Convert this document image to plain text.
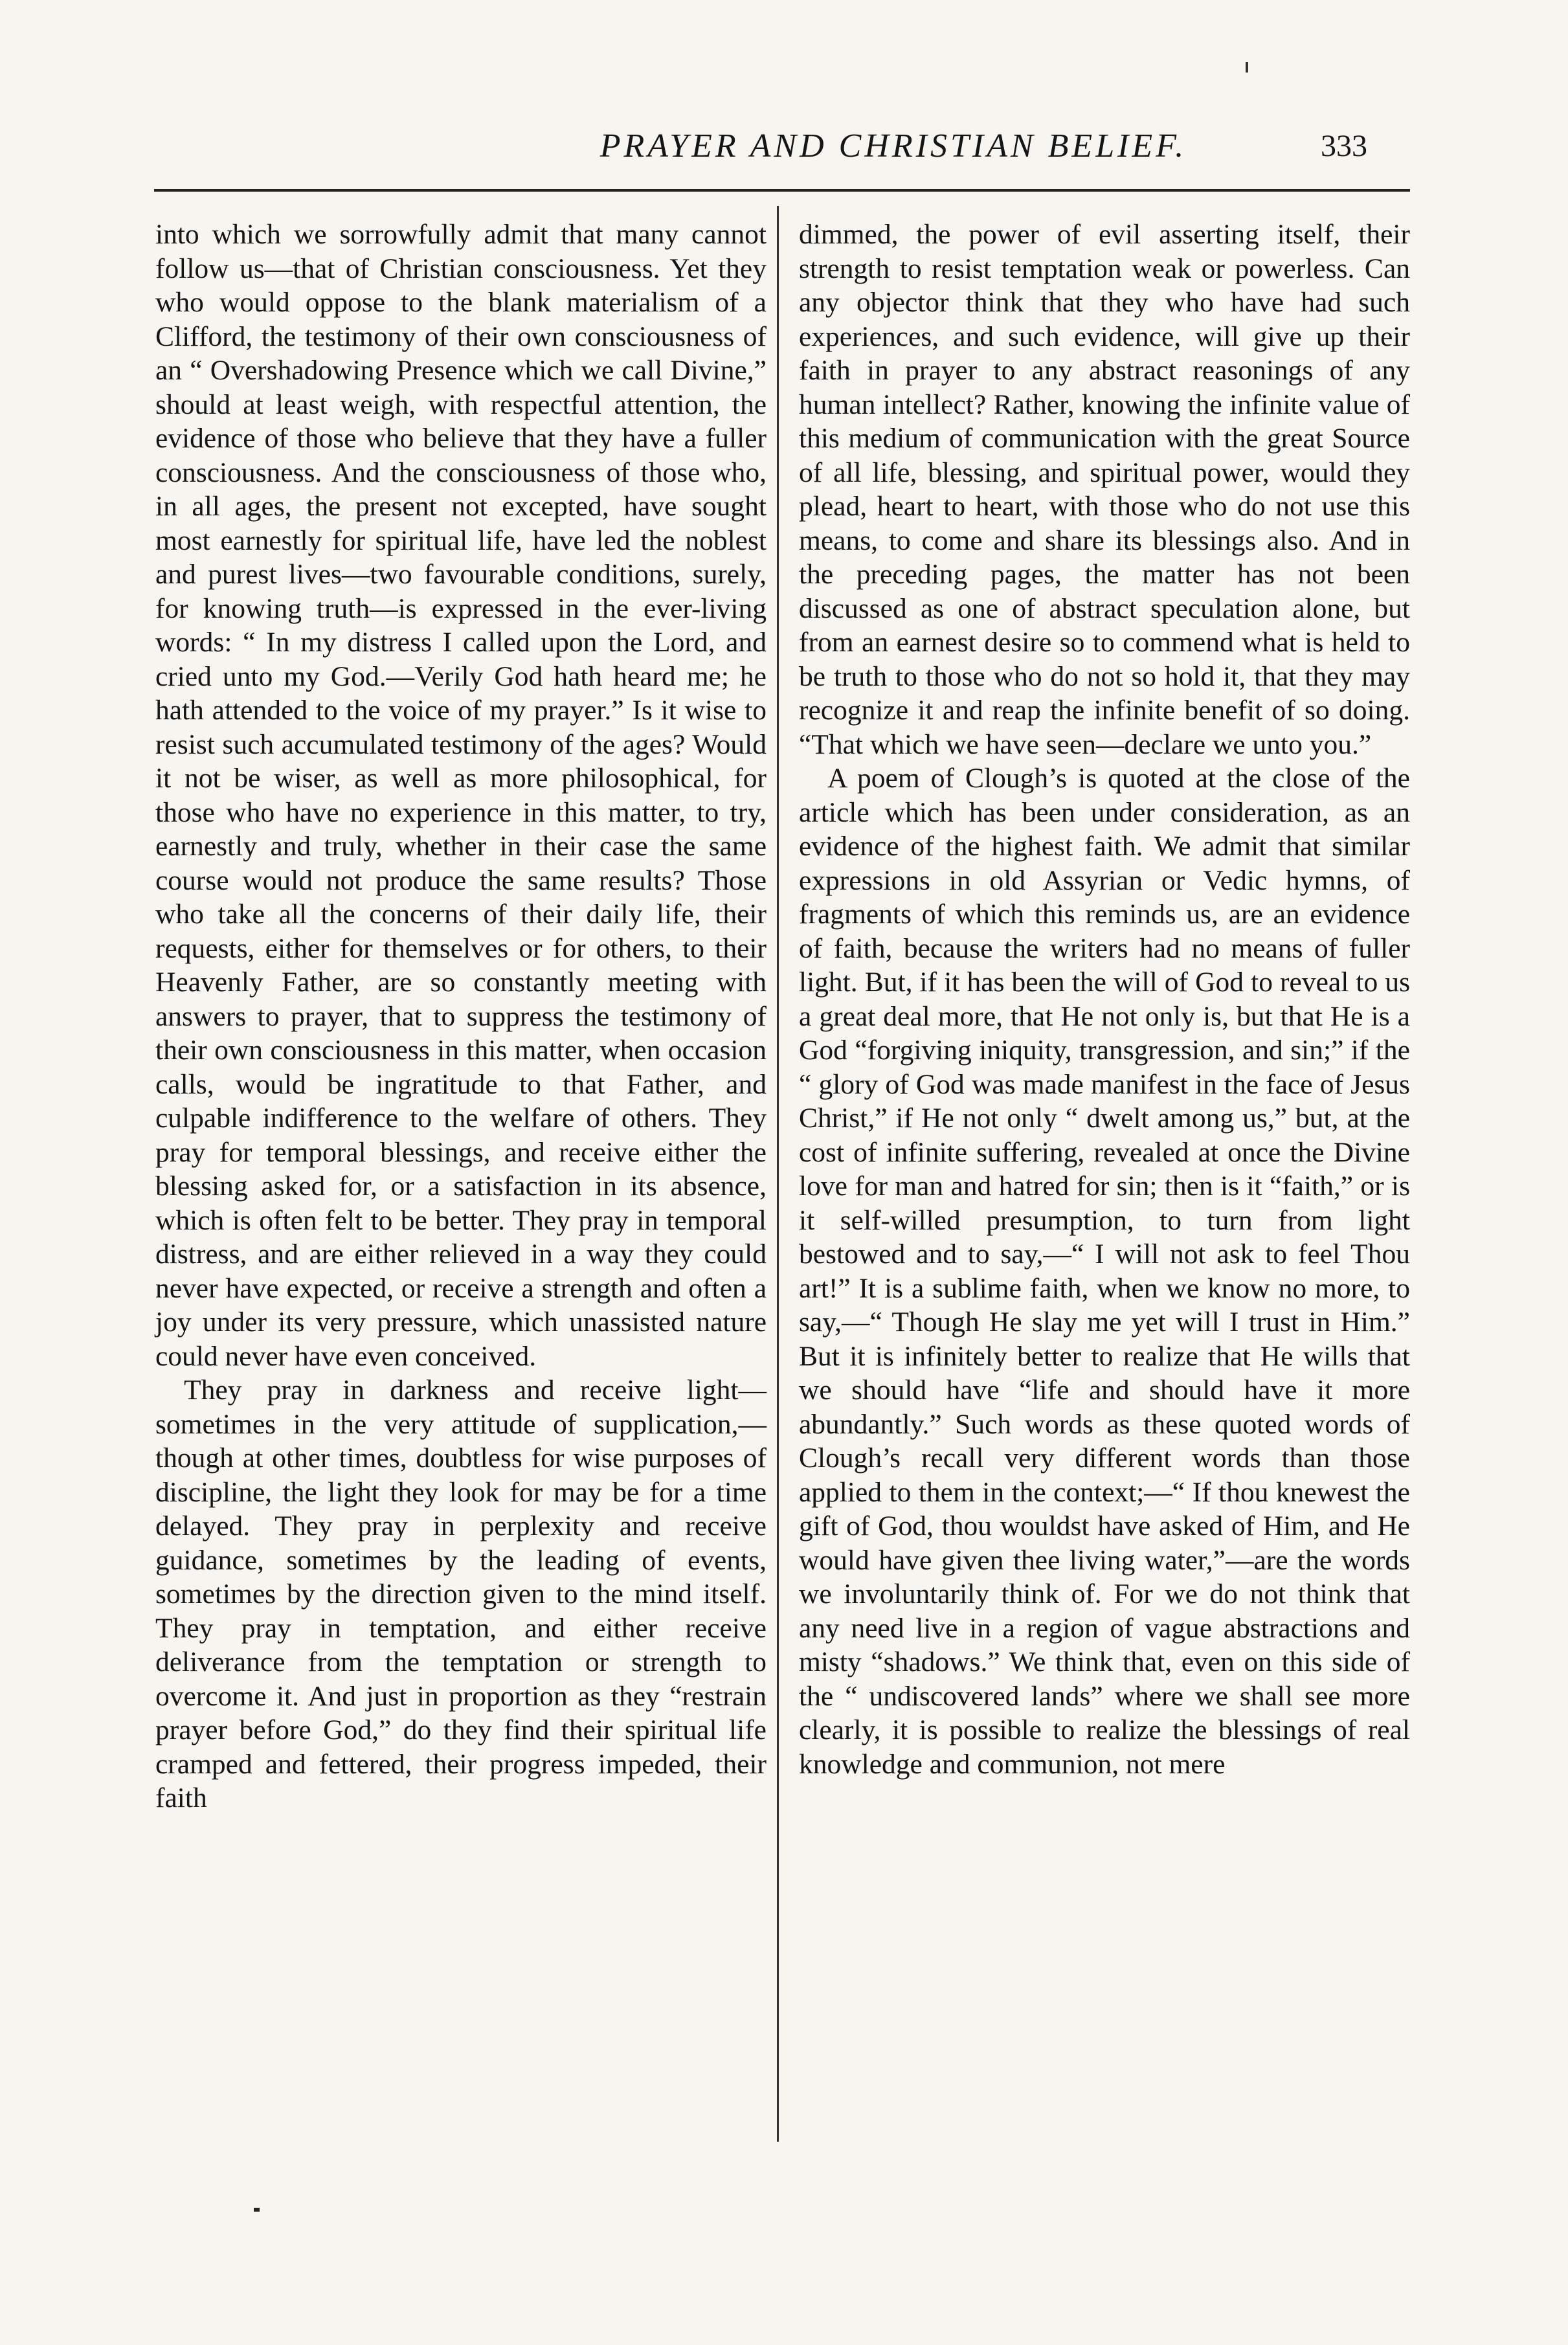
PRAYER AND CHRISTIAN BELIEF.	333

into which we sorrowfully admit that many cannot follow us—that of Christian consciousness. Yet they who would oppose to the blank materialism of a Clifford, the testimony of their own consciousness of an “ Overshadowing Presence which we call Divine,” should at least weigh, with respectful attention, the evidence of those who believe that they have a fuller consciousness. And the consciousness of those who, in all ages, the present not excepted, have sought most earnestly for spiritual life, have led the noblest and purest lives—two favourable conditions, surely, for knowing truth—is expressed in the ever-living words: “ In my distress I called upon the Lord, and cried unto my God.—Verily God hath heard me; he hath attended to the voice of my prayer.” Is it wise to resist such accumulated testimony of the ages? Would it not be wiser, as well as more philosophical, for those who have no experience in this matter, to try, earnestly and truly, whether in their case the same course would not produce the same results? Those who take all the concerns of their daily life, their requests, either for themselves or for others, to their Heavenly Father, are so constantly meeting with answers to prayer, that to suppress the testimony of their own consciousness in this matter, when occasion calls, would be ingratitude to that Father, and culpable indifference to the welfare of others. They pray for temporal blessings, and receive either the blessing asked for, or a satisfaction in its absence, which is often felt to be better. They pray in temporal distress, and are either relieved in a way they could never have expected, or receive a strength and often a joy under its very pressure, which unassisted nature could never have even conceived.

They pray in darkness and receive light—sometimes in the very attitude of supplication,—though at other times, doubtless for wise purposes of discipline, the light they look for may be for a time delayed. They pray in perplexity and receive guidance, sometimes by the leading of events, sometimes by the direction given to the mind itself. They pray in temptation, and either receive deliverance from the temptation or strength to overcome it. And just in proportion as they “restrain prayer before God,” do they find their spiritual life cramped and fettered, their progress impeded, their faith

dimmed, the power of evil asserting itself, their strength to resist temptation weak or powerless. Can any objector think that they who have had such experiences, and such evidence, will give up their faith in prayer to any abstract reasonings of any human intellect? Rather, knowing the infinite value of this medium of communication with the great Source of all life, blessing, and spiritual power, would they plead, heart to heart, with those who do not use this means, to come and share its blessings also. And in the preceding pages, the matter has not been discussed as one of abstract speculation alone, but from an earnest desire so to commend what is held to be truth to those who do not so hold it, that they may recognize it and reap the infinite benefit of so doing. “That which we have seen—declare we unto you.”

A poem of Clough’s is quoted at the close of the article which has been under consideration, as an evidence of the highest faith. We admit that similar expressions in old Assyrian or Vedic hymns, of fragments of which this reminds us, are an evidence of faith, because the writers had no means of fuller light. But, if it has been the will of God to reveal to us a great deal more, that He not only is, but that He is a God “forgiving iniquity, transgression, and sin;” if the “ glory of God was made manifest in the face of Jesus Christ,” if He not only “ dwelt among us,” but, at the cost of infinite suffering, revealed at once the Divine love for man and hatred for sin; then is it “faith,” or is it self-willed presumption, to turn from light bestowed and to say,—“ I will not ask to feel Thou art!” It is a sublime faith, when we know no more, to say,—“ Though He slay me yet will I trust in Him.” But it is infinitely better to realize that He wills that we should have “life and should have it more abundantly.” Such words as these quoted words of Clough’s recall very different words than those applied to them in the context;—“ If thou knewest the gift of God, thou wouldst have asked of Him, and He would have given thee living water,”—are the words we involuntarily think of. For we do not think that any need live in a region of vague abstractions and misty “shadows.” We think that, even on this side of the “ undiscovered lands” where we shall see more clearly, it is possible to realize the blessings of real knowledge and communion, not mere
